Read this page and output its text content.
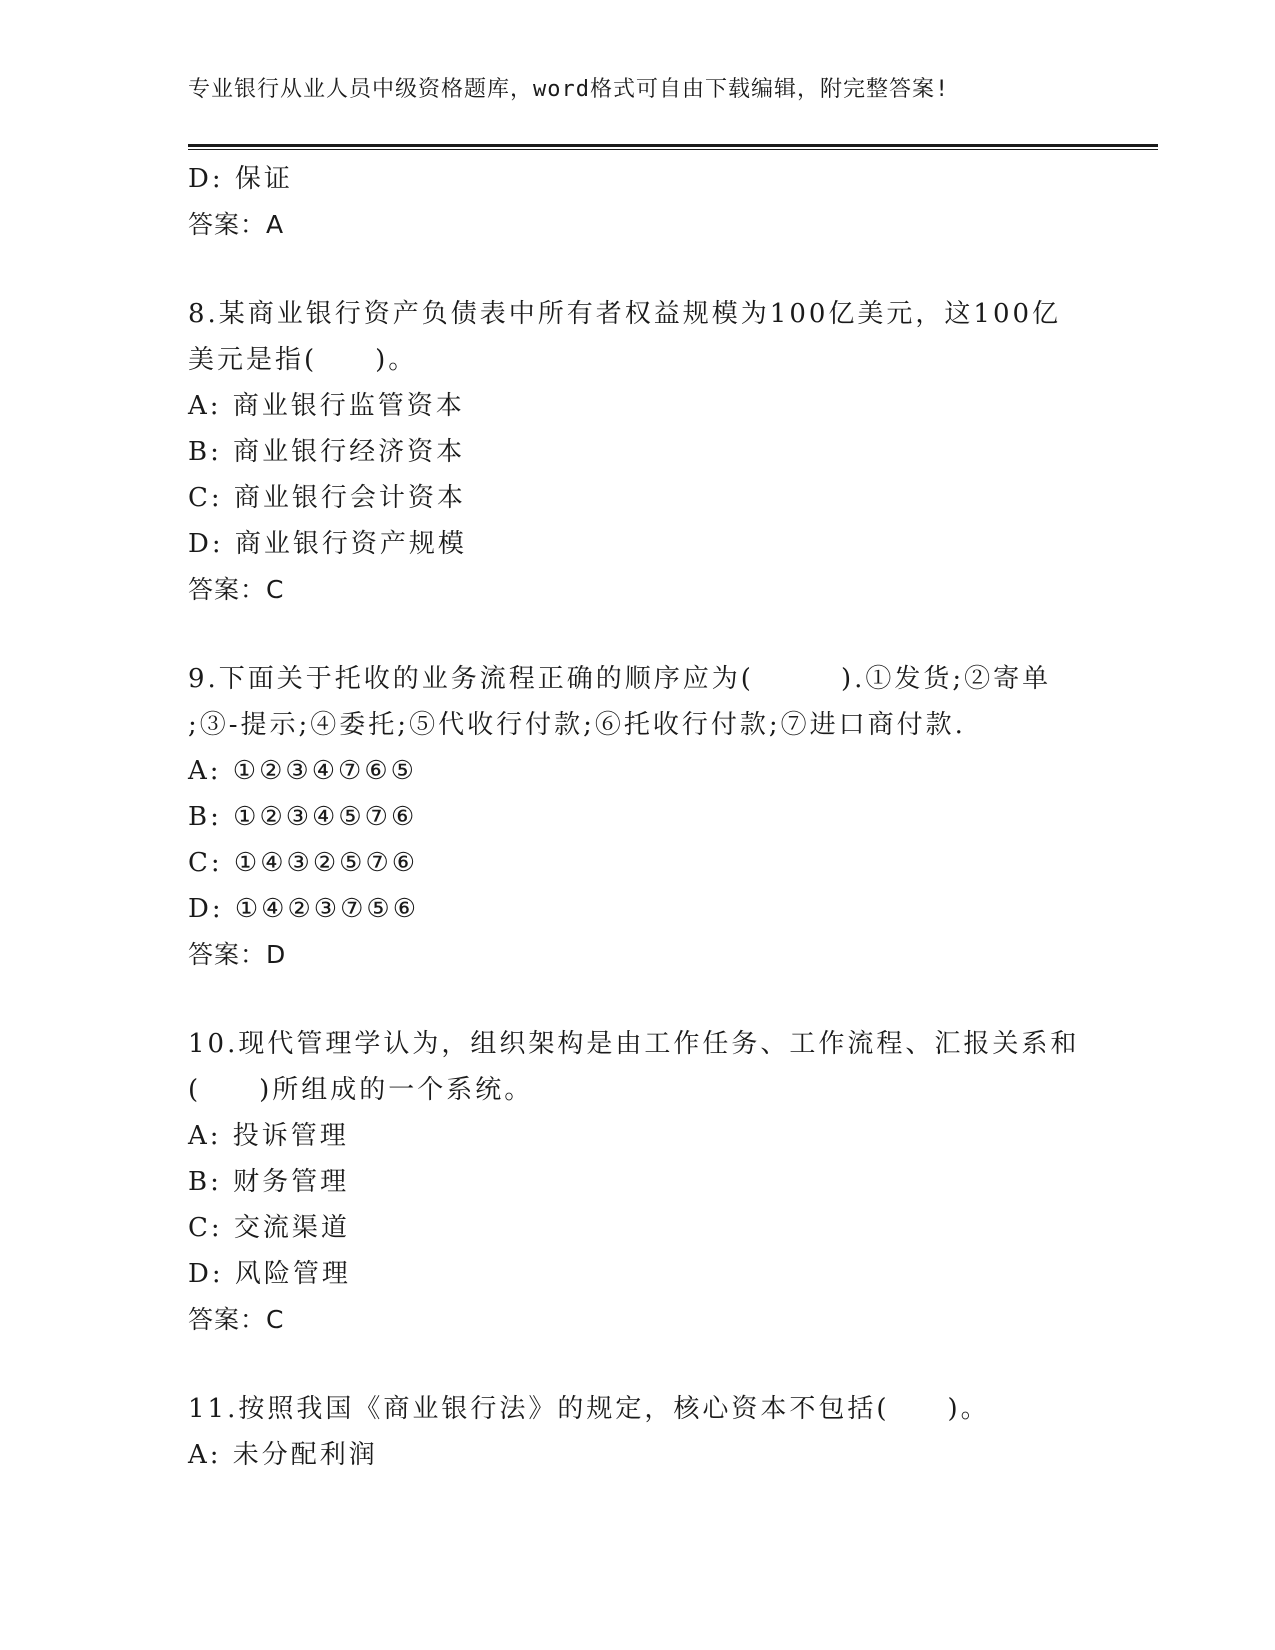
专业银行从业人员中级资格题库，word格式可自由下载编辑，附完整答案!
D: 保证
答案：A
8.某商业银行资产负债表中所有者权益规模为100亿美元，这100亿
美元是指(　　)。
A: 商业银行监管资本
B: 商业银行经济资本
C: 商业银行会计资本
D: 商业银行资产规模
答案：C
9.下面关于托收的业务流程正确的顺序应为(　　　).①发货;②寄单
;③-提示;④委托;⑤代收行付款;⑥托收行付款;⑦进口商付款.
A: ①②③④⑦⑥⑤
B: ①②③④⑤⑦⑥
C: ①④③②⑤⑦⑥
D: ①④②③⑦⑤⑥
答案：D
10.现代管理学认为，组织架构是由工作任务、工作流程、汇报关系和
(　　)所组成的一个系统。
A: 投诉管理
B: 财务管理
C: 交流渠道
D: 风险管理
答案：C
11.按照我国《商业银行法》的规定，核心资本不包括(　　)。
A: 未分配利润
